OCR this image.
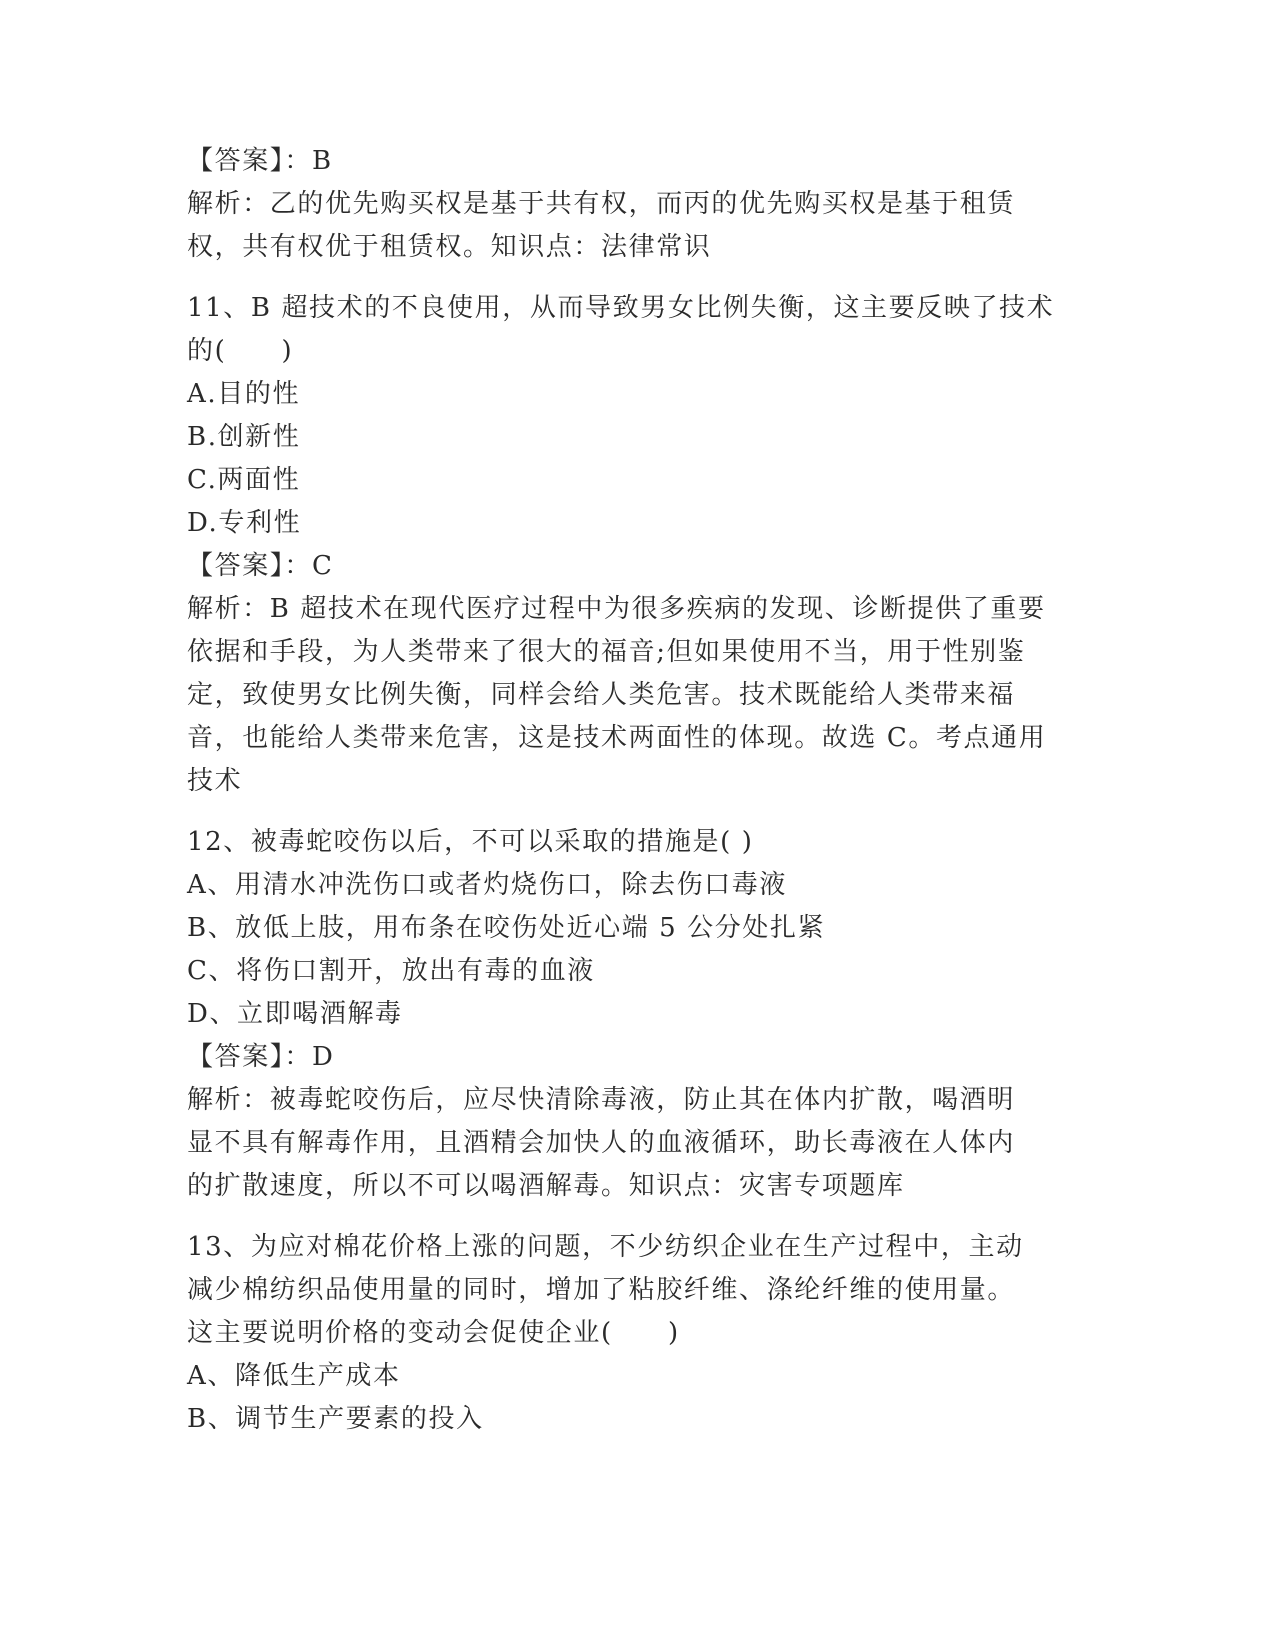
【答案】：B
解析：乙的优先购买权是基于共有权，而丙的优先购买权是基于租赁
权，共有权优于租赁权。知识点：法律常识
11、B 超技术的不良使用，从而导致男女比例失衡，这主要反映了技术
的(　　)
A.目的性
B.创新性
C.两面性
D.专利性
【答案】：C
解析：B 超技术在现代医疗过程中为很多疾病的发现、诊断提供了重要
依据和手段，为人类带来了很大的福音;但如果使用不当，用于性别鉴
定，致使男女比例失衡，同样会给人类危害。技术既能给人类带来福
音，也能给人类带来危害，这是技术两面性的体现。故选 C。考点通用
技术
12、被毒蛇咬伤以后，不可以采取的措施是( )
A、用清水冲洗伤口或者灼烧伤口，除去伤口毒液
B、放低上肢，用布条在咬伤处近心端 5 公分处扎紧
C、将伤口割开，放出有毒的血液
D、立即喝酒解毒
【答案】：D
解析：被毒蛇咬伤后，应尽快清除毒液，防止其在体内扩散，喝酒明
显不具有解毒作用，且酒精会加快人的血液循环，助长毒液在人体内
的扩散速度，所以不可以喝酒解毒。知识点：灾害专项题库
13、为应对棉花价格上涨的问题，不少纺织企业在生产过程中，主动
减少棉纺织品使用量的同时，增加了粘胶纤维、涤纶纤维的使用量。
这主要说明价格的变动会促使企业(　　)
A、降低生产成本
B、调节生产要素的投入
